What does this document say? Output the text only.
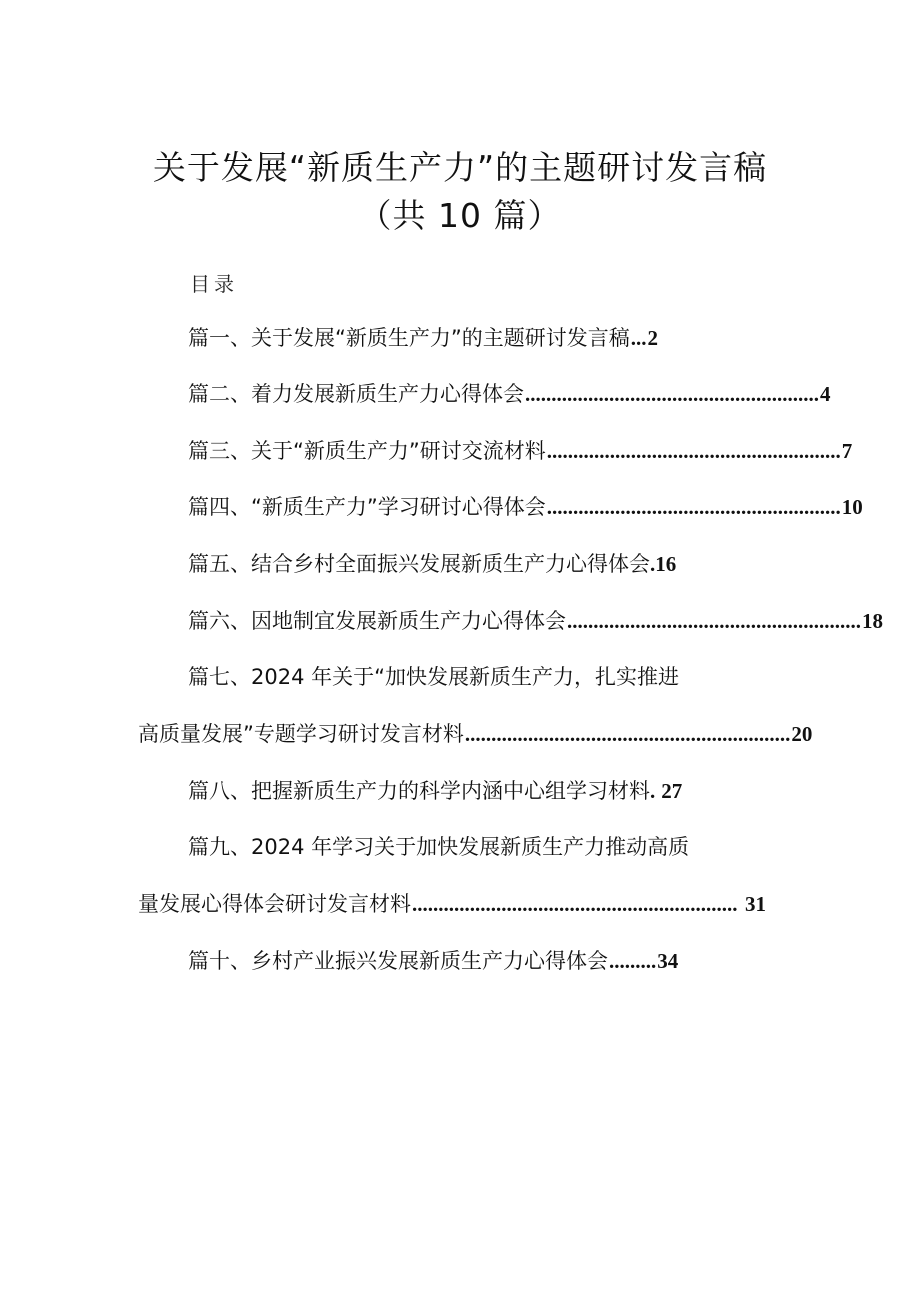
关于发展“新质生产力”的主题研讨发言稿
（共 10 篇）
目录
篇一、关于发展“新质生产力”的主题研讨发言稿 ... 2
篇二、着力发展新质生产力心得体会 ........................................................ 4
篇三、关于“新质生产力”研讨交流材料 ........................................................ 7
篇四、“新质生产力”学习研讨心得体会 ........................................................ 10
篇五、结合乡村全面振兴发展新质生产力心得体会 . 16
篇六、因地制宜发展新质生产力心得体会 ........................................................ 18
篇七、2024 年关于“加快发展新质生产力，扎实推进
高质量发展”专题学习研讨发言材料 .............................................................. 20
篇八、把握新质生产力的科学内涵中心组学习材料 . 27
篇九、2024 年学习关于加快发展新质生产力推动高质
量发展心得体会研讨发言材料 .............................................................. 31
篇十、乡村产业振兴发展新质生产力心得体会 ......... 34
